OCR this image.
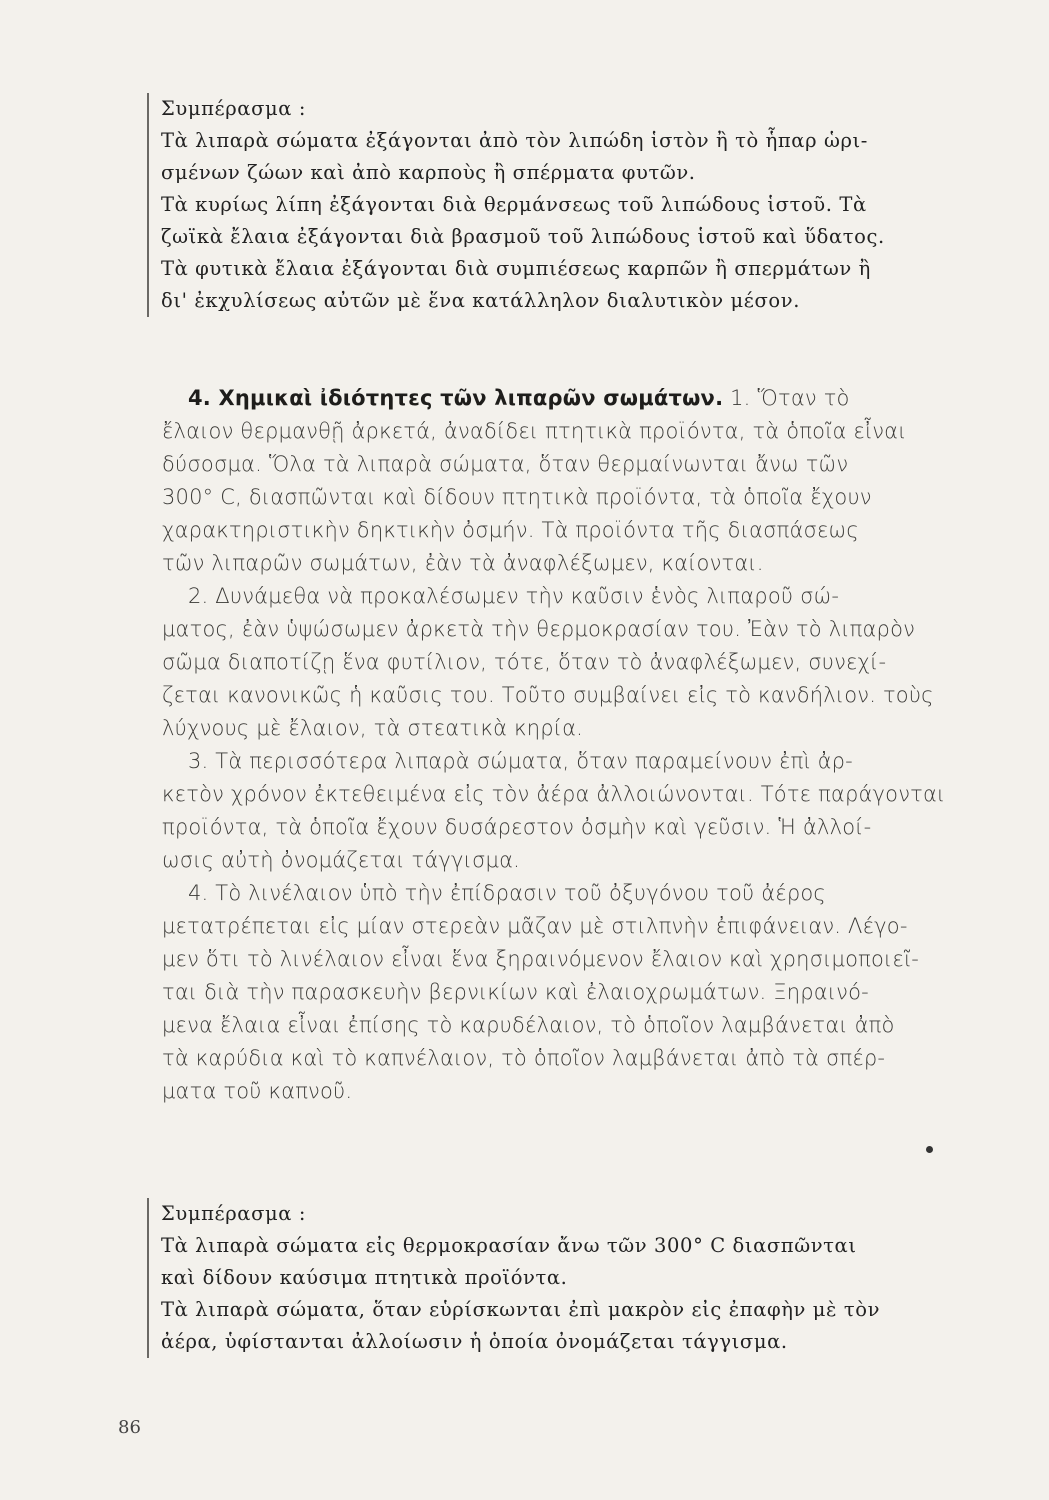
Συμπέρασμα :

Τὰ λιπαρὰ σώματα ἐξάγονται ἀπὸ τὸν λιπώδη ἱστὸν ἢ τὸ ἧπαρ ὡρι-

σμένων ζώων καὶ ἀπὸ καρποὺς ἢ σπέρματα φυτῶν.

Τὰ κυρίως λίπη ἐξάγονται διὰ θερμάνσεως τοῦ λιπώδους ἱστοῦ. Τὰ

ζωϊκὰ ἔλαια ἐξάγονται διὰ βρασμοῦ τοῦ λιπώδους ἱστοῦ καὶ ὕδατος.

Τὰ φυτικὰ ἔλαια ἐξάγονται διὰ συμπιέσεως καρπῶν ἢ σπερμάτων ἢ

δι' ἐκχυλίσεως αὐτῶν μὲ ἕνα κατάλληλον διαλυτικὸν μέσον.

4. Χημικαὶ ἰδιότητες τῶν λιπαρῶν σωμάτων. 1. Ὅταν τὸ

ἔλαιον θερμανθῇ ἀρκετά, ἀναδίδει πτητικὰ προϊόντα, τὰ ὁποῖα εἶναι

δύσοσμα. Ὅλα τὰ λιπαρὰ σώματα, ὅταν θερμαίνωνται ἄνω τῶν

300° C, διασπῶνται καὶ δίδουν πτητικὰ προϊόντα, τὰ ὁποῖα ἔχουν

χαρακτηριστικὴν δηκτικὴν ὀσμήν. Τὰ προϊόντα τῆς διασπάσεως

τῶν λιπαρῶν σωμάτων, ἐὰν τὰ ἀναφλέξωμεν, καίονται.

2. Δυνάμεθα νὰ προκαλέσωμεν τὴν καῦσιν ἑνὸς λιπαροῦ σώ-

ματος, ἐὰν ὑψώσωμεν ἀρκετὰ τὴν θερμοκρασίαν του. Ἐὰν τὸ λιπαρὸν

σῶμα διαποτίζῃ ἕνα φυτίλιον, τότε, ὅταν τὸ ἀναφλέξωμεν, συνεχί-

ζεται κανονικῶς ἡ καῦσις του. Τοῦτο συμβαίνει εἰς τὸ κανδήλιον. τοὺς

λύχνους μὲ ἔλαιον, τὰ στεατικὰ κηρία.

3. Τὰ περισσότερα λιπαρὰ σώματα, ὅταν παραμείνουν ἐπὶ ἀρ-

κετὸν χρόνον ἐκτεθειμένα εἰς τὸν ἀέρα ἀλλοιώνονται. Τότε παράγονται

προϊόντα, τὰ ὁποῖα ἔχουν δυσάρεστον ὀσμὴν καὶ γεῦσιν. Ἡ ἀλλοί-

ωσις αὐτὴ ὀνομάζεται τάγγισμα.

4. Τὸ λινέλαιον ὑπὸ τὴν ἐπίδρασιν τοῦ ὀξυγόνου τοῦ ἀέρος

μετατρέπεται εἰς μίαν στερεὰν μᾶζαν μὲ στιλπνὴν ἐπιφάνειαν. Λέγο-

μεν ὅτι τὸ λινέλαιον εἶναι ἕνα ξηραινόμενον ἔλαιον καὶ χρησιμοποιεῖ-

ται διὰ τὴν παρασκευὴν βερνικίων καὶ ἐλαιοχρωμάτων. Ξηραινό-

μενα ἔλαια εἶναι ἐπίσης τὸ καρυδέλαιον, τὸ ὁποῖον λαμβάνεται ἀπὸ

τὰ καρύδια καὶ τὸ καπνέλαιον, τὸ ὁποῖον λαμβάνεται ἀπὸ τὰ σπέρ-

ματα τοῦ καπνοῦ.

Συμπέρασμα :

Τὰ λιπαρὰ σώματα εἰς θερμοκρασίαν ἄνω τῶν 300° C διασπῶνται

καὶ δίδουν καύσιμα πτητικὰ προϊόντα.

Τὰ λιπαρὰ σώματα, ὅταν εὑρίσκωνται ἐπὶ μακρὸν εἰς ἐπαφὴν μὲ τὸν

ἀέρα, ὑφίστανται ἀλλοίωσιν ἡ ὁποία ὀνομάζεται τάγγισμα.

86
